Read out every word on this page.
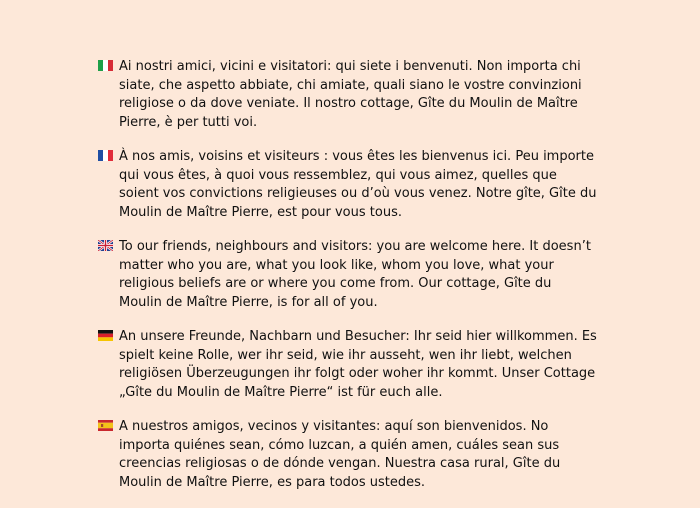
Ai nostri amici, vicini e visitatori: qui siete i benvenuti. Non importa chi siate, che aspetto abbiate, chi amiate, quali siano le vostre convinzioni religiose o da dove veniate. Il nostro cottage, Gîte du Moulin de Maître Pierre, è per tutti voi.

À nos amis, voisins et visiteurs : vous êtes les bienvenus ici. Peu importe qui vous êtes, à quoi vous ressemblez, qui vous aimez, quelles que soient vos convictions religieuses ou d’où vous venez. Notre gîte, Gîte du Moulin de Maître Pierre, est pour vous tous.

To our friends, neighbours and visitors: you are welcome here. It doesn’t matter who you are, what you look like, whom you love, what your religious beliefs are or where you come from. Our cottage, Gîte du Moulin de Maître Pierre, is for all of you.

An unsere Freunde, Nachbarn und Besucher: Ihr seid hier willkommen. Es spielt keine Rolle, wer ihr seid, wie ihr ausseht, wen ihr liebt, welchen religiösen Überzeugungen ihr folgt oder woher ihr kommt. Unser Cottage „Gîte du Moulin de Maître Pierre“ ist für euch alle.

A nuestros amigos, vecinos y visitantes: aquí son bienvenidos. No importa quiénes sean, cómo luzcan, a quién amen, cuáles sean sus creencias religiosas o de dónde vengan. Nuestra casa rural, Gîte du Moulin de Maître Pierre, es para todos ustedes.
